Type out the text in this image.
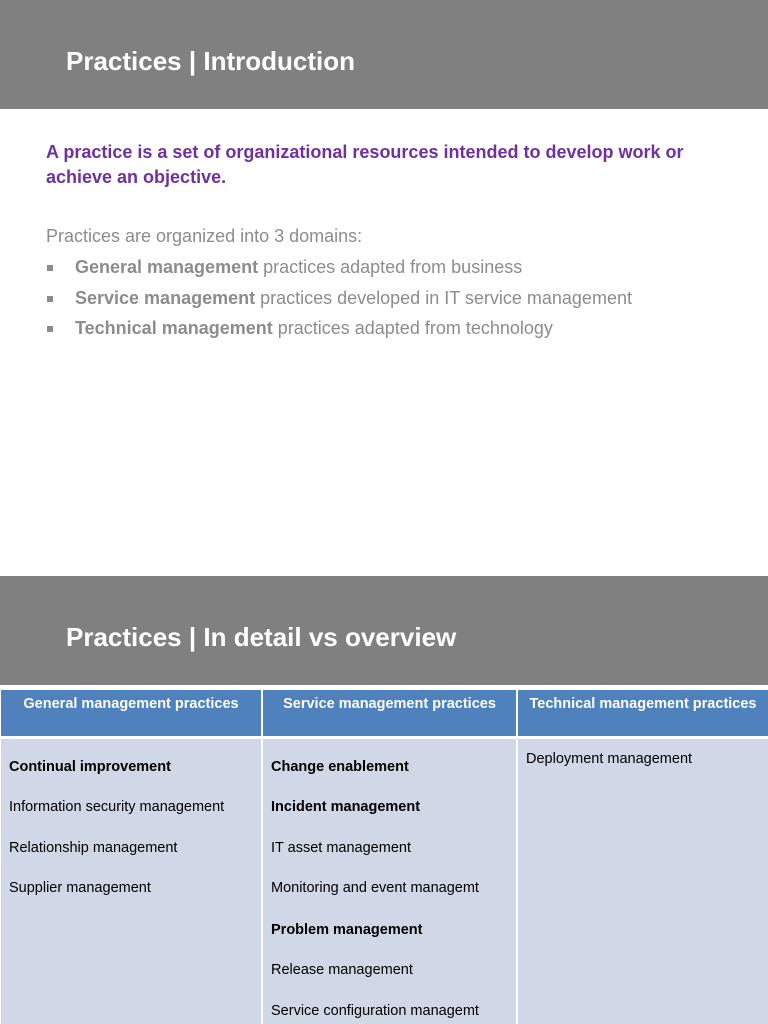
Practices | Introduction
A practice is a set of organizational resources intended to develop work or achieve an objective.
Practices are organized into 3 domains:
General management practices adapted from business
Service management practices developed in IT service management
Technical management practices adapted from technology
Practices | In detail vs overview
General management practices
Continual improvement
Information security management
Relationship management
Supplier management
Service management practices
Change enablement
Incident management
IT asset management
Monitoring and event managemt
Problem management
Release management
Service configuration managemt
Technical management practices
Deployment management
